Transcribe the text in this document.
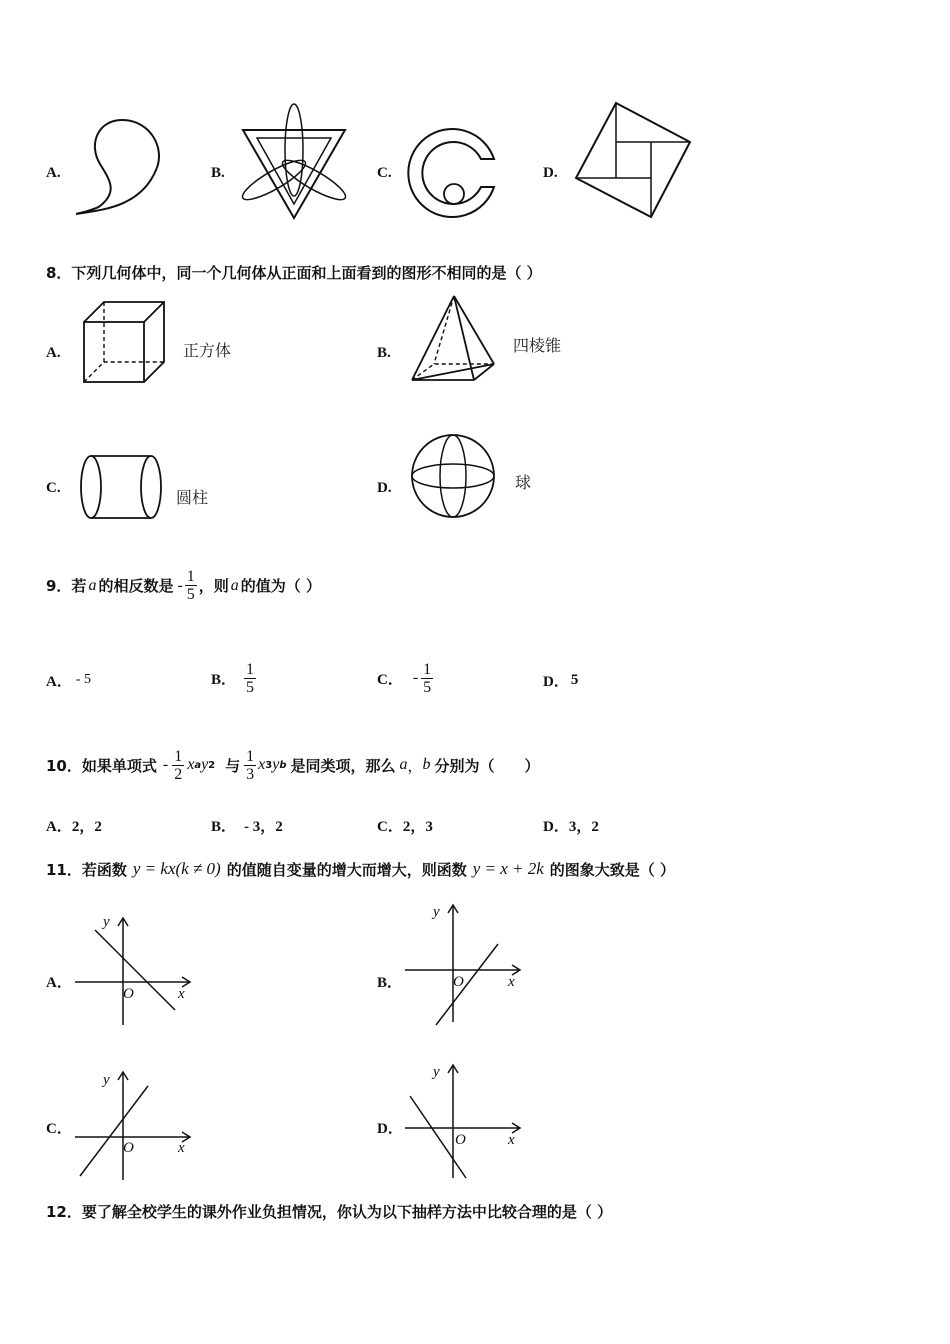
A.	B.	C.	D.
8．下列几何体中，同一个几何体从正面和上面看到的图形不相同的是（ ）
A.	正方体	B.	四棱锥
C.	圆柱	D.	球
9．若 a 的相反数是 - $\frac{1}{5}$ ，则 a 的值为（ ）
A． - 5	B． $\frac{1}{5}$	C． - $\frac{1}{5}$	D． 5
10．如果单项式 - $\frac{1}{2}$ x a y 2 与 $\frac{1}{3}$ x 3 y b 是同类项，那么 a ， b 分别为（　　）
A．2，2	B． - 3，2	C．2，3	D．3，2
11．若函数 y = kx(k ≠ 0) 的值随自变量的增大而增大，则函数 y = x + 2k 的图象大致是（ ）
A．
y
x
O
B．
y
x
O
C．
y
x
O
D．
y
x
O
12．要了解全校学生的课外作业负担情况，你认为以下抽样方法中比较合理的是（ ）
